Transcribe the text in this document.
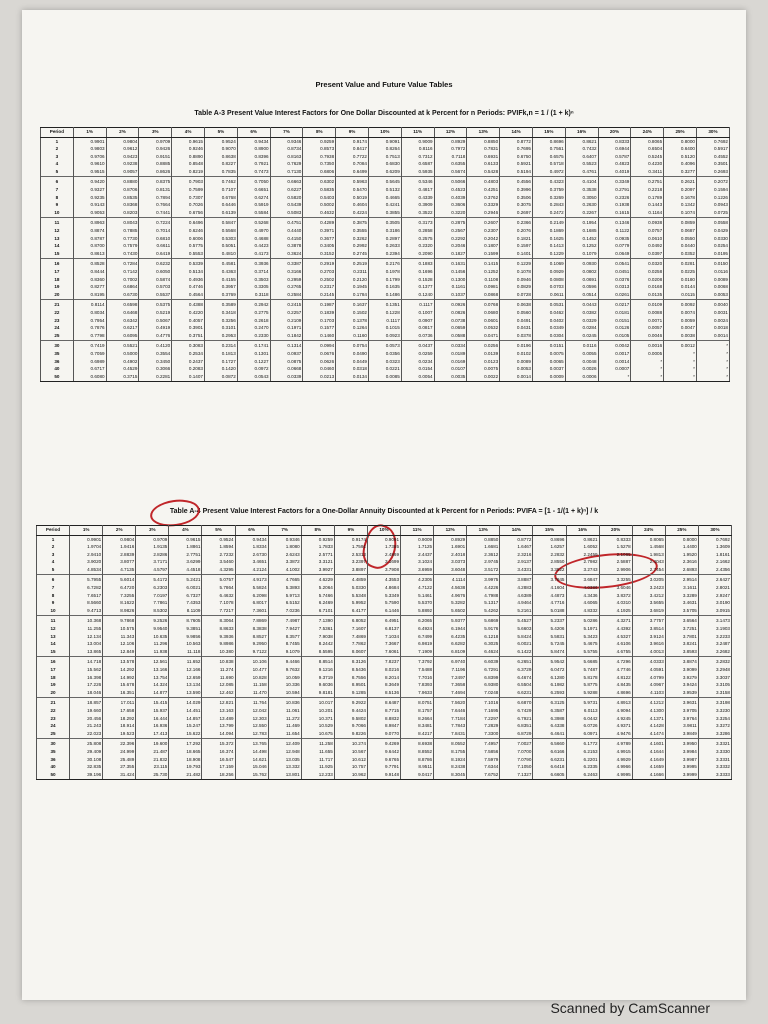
Present Value and Future Value Tables
Table A-3 Present Value Interest Factors for One Dollar Discounted at k Percent for n Periods: PVIFk,n = 1 / (1 + k)ⁿ
Period	1%	2%	3%	4%	5%	6%	7%	8%	9%	10%	11%	12%	13%	14%	15%	16%	20%	24%	25%	30%
1	0.9901	0.9804	0.9709	0.9615	0.9524	0.9434	0.9346	0.9259	0.9174	0.9091	0.9009	0.8929	0.8850	0.8772	0.8696	0.8621	0.8333	0.8065	0.8000	0.7692
2	0.9803	0.9612	0.9426	0.9246	0.9070	0.8900	0.8734	0.8573	0.8417	0.8264	0.8116	0.7972	0.7831	0.7695	0.7561	0.7432	0.6944	0.6504	0.6400	0.5917
3	0.9706	0.9423	0.9151	0.8890	0.8638	0.8396	0.8163	0.7938	0.7722	0.7513	0.7312	0.7118	0.6931	0.6750	0.6575	0.6407	0.5787	0.5245	0.5120	0.4552
4	0.9610	0.9238	0.8885	0.8548	0.8227	0.7921	0.7629	0.7350	0.7084	0.6830	0.6587	0.6355	0.6133	0.5921	0.5718	0.5523	0.4823	0.4230	0.4096	0.3501
5	0.9515	0.9057	0.8626	0.8219	0.7835	0.7473	0.7130	0.6806	0.6499	0.6209	0.5935	0.5674	0.5428	0.5194	0.4972	0.4761	0.4019	0.3411	0.3277	0.2693
6	0.9420	0.8880	0.8375	0.7903	0.7462	0.7050	0.6663	0.6302	0.5963	0.5645	0.5346	0.5066	0.4803	0.4556	0.4323	0.4104	0.3349	0.2751	0.2621	0.2072
7	0.9327	0.8706	0.8131	0.7599	0.7107	0.6651	0.6227	0.5835	0.5470	0.5132	0.4817	0.4523	0.4251	0.3996	0.3759	0.3538	0.2791	0.2218	0.2097	0.1594
8	0.9235	0.8535	0.7894	0.7307	0.6768	0.6274	0.5820	0.5403	0.5019	0.4665	0.4339	0.4039	0.3762	0.3506	0.3269	0.3050	0.2326	0.1789	0.1678	0.1226
9	0.9143	0.8368	0.7664	0.7026	0.6446	0.5919	0.5439	0.5002	0.4604	0.4241	0.3909	0.3606	0.3329	0.3075	0.2843	0.2630	0.1938	0.1443	0.1342	0.0943
10	0.9053	0.8203	0.7441	0.6756	0.6139	0.5584	0.5083	0.4632	0.4224	0.3855	0.3522	0.3220	0.2946	0.2697	0.2472	0.2267	0.1615	0.1164	0.1074	0.0725
11	0.8963	0.8043	0.7224	0.6496	0.5847	0.5268	0.4751	0.4289	0.3875	0.3505	0.3173	0.2875	0.2607	0.2366	0.2149	0.1954	0.1346	0.0938	0.0859	0.0558
12	0.8874	0.7885	0.7014	0.6246	0.5568	0.4970	0.4440	0.3971	0.3555	0.3186	0.2858	0.2567	0.2307	0.2076	0.1869	0.1685	0.1122	0.0757	0.0687	0.0429
13	0.8787	0.7730	0.6810	0.6006	0.5303	0.4688	0.4150	0.3677	0.3262	0.2897	0.2575	0.2292	0.2042	0.1821	0.1625	0.1452	0.0935	0.0610	0.0550	0.0330
14	0.8700	0.7579	0.6611	0.5775	0.5051	0.4423	0.3878	0.3405	0.2992	0.2633	0.2320	0.2046	0.1807	0.1597	0.1413	0.1252	0.0779	0.0492	0.0440	0.0254
15	0.8613	0.7430	0.6419	0.5553	0.4810	0.4173	0.3624	0.3152	0.2745	0.2394	0.2090	0.1827	0.1599	0.1401	0.1229	0.1079	0.0649	0.0397	0.0352	0.0195
16	0.8528	0.7284	0.6232	0.5339	0.4581	0.3936	0.3387	0.2919	0.2519	0.2176	0.1883	0.1631	0.1415	0.1229	0.1069	0.0930	0.0541	0.0320	0.0281	0.0150
17	0.8444	0.7142	0.6050	0.5134	0.4363	0.3714	0.3166	0.2703	0.2311	0.1978	0.1696	0.1456	0.1252	0.1078	0.0929	0.0802	0.0451	0.0258	0.0225	0.0116
18	0.8360	0.7002	0.5874	0.4936	0.4155	0.3503	0.2959	0.2502	0.2120	0.1799	0.1528	0.1300	0.1108	0.0946	0.0808	0.0691	0.0376	0.0208	0.0180	0.0089
19	0.8277	0.6864	0.5703	0.4746	0.3957	0.3305	0.2765	0.2317	0.1945	0.1635	0.1377	0.1161	0.0981	0.0829	0.0703	0.0596	0.0313	0.0168	0.0144	0.0068
20	0.8195	0.6730	0.5537	0.4564	0.3769	0.3118	0.2584	0.2145	0.1784	0.1486	0.1240	0.1037	0.0868	0.0728	0.0611	0.0514	0.0261	0.0135	0.0115	0.0053
21	0.8114	0.6598	0.5375	0.4388	0.3589	0.2942	0.2415	0.1987	0.1637	0.1351	0.1117	0.0926	0.0768	0.0638	0.0531	0.0443	0.0217	0.0109	0.0092	0.0040
22	0.8034	0.6468	0.5219	0.4220	0.3418	0.2775	0.2257	0.1839	0.1502	0.1228	0.1007	0.0826	0.0680	0.0560	0.0462	0.0382	0.0181	0.0088	0.0074	0.0031
23	0.7954	0.6342	0.5067	0.4057	0.3256	0.2618	0.2109	0.1703	0.1378	0.1117	0.0907	0.0738	0.0601	0.0491	0.0402	0.0329	0.0151	0.0071	0.0059	0.0024
24	0.7876	0.6217	0.4919	0.3901	0.3101	0.2470	0.1971	0.1577	0.1264	0.1015	0.0817	0.0659	0.0532	0.0431	0.0349	0.0284	0.0126	0.0057	0.0047	0.0018
25	0.7798	0.6095	0.4776	0.3751	0.2953	0.2330	0.1842	0.1460	0.1160	0.0923	0.0736	0.0588	0.0471	0.0378	0.0304	0.0245	0.0105	0.0046	0.0038	0.0014
30	0.7419	0.5521	0.4120	0.3083	0.2314	0.1741	0.1314	0.0994	0.0754	0.0573	0.0437	0.0334	0.0256	0.0196	0.0151	0.0116	0.0042	0.0016	0.0012	*
35	0.7059	0.5000	0.3554	0.2534	0.1813	0.1301	0.0937	0.0676	0.0490	0.0356	0.0259	0.0189	0.0139	0.0102	0.0075	0.0055	0.0017	0.0005	*	*
36	0.6989	0.4902	0.3450	0.2437	0.1727	0.1227	0.0875	0.0626	0.0449	0.0323	0.0234	0.0169	0.0123	0.0089	0.0065	0.0048	0.0014	*	*	*
40	0.6717	0.4529	0.3066	0.2083	0.1420	0.0972	0.0668	0.0460	0.0318	0.0221	0.0154	0.0107	0.0075	0.0053	0.0037	0.0026	0.0007	*	*	*
50	0.6080	0.3715	0.2281	0.1407	0.0872	0.0543	0.0339	0.0213	0.0134	0.0085	0.0054	0.0035	0.0022	0.0014	0.0009	0.0006	*	*	*	*
Table A-4 Present Value Interest Factors for a One-Dollar Annuity Discounted at k Percent for n Periods: PVIFA = [1 - 1/(1 + k)ⁿ] / k
Period	1%	2%	3%	4%	5%	6%	7%	8%	9%	10%	11%	12%	13%	14%	15%	16%	20%	24%	25%	30%
1	0.9901	0.9804	0.9709	0.9615	0.9524	0.9434	0.9346	0.9259	0.9174	0.9091	0.9009	0.8929	0.8850	0.8772	0.8696	0.8621	0.8333	0.8065	0.8000	0.7692
2	1.9704	1.9416	1.9135	1.8861	1.8594	1.8334	1.8080	1.7833	1.7591	1.7355	1.7125	1.6901	1.6681	1.6467	1.6257	1.6052	1.5278	1.4568	1.4400	1.3609
3	2.9410	2.8839	2.8286	2.7751	2.7232	2.6730	2.6243	2.5771	2.5313	2.4869	2.4437	2.4018	2.3612	2.3216	2.2832	2.2459	2.1065	1.9813	1.9520	1.8161
4	3.9020	3.8077	3.7171	3.6299	3.5460	3.4651	3.3872	3.3121	3.2397	3.1699	3.1024	3.0373	2.9745	2.9137	2.8550	2.7982	2.5887	2.4043	2.3616	2.1662
5	4.8534	4.7135	4.5797	4.4518	4.3295	4.2124	4.1002	3.9927	3.8897	3.7908	3.6959	3.6048	3.5172	3.4331	3.3522	3.2743	2.9906	2.7454	2.6893	2.4356
6	5.7955	5.6014	5.4172	5.2421	5.0757	4.9173	4.7665	4.6229	4.4859	4.3553	4.2305	4.1114	3.9975	3.8887	3.7845	3.6847	3.3255	3.0205	2.9514	2.6427
7	6.7282	6.4720	6.2303	6.0021	5.7864	5.5824	5.3893	5.2064	5.0330	4.8684	4.7122	4.5638	4.4226	4.2883	4.1604	4.0386	3.6046	3.2423	3.1611	2.8021
8	7.6517	7.3255	7.0197	6.7327	6.4632	6.2098	5.9713	5.7466	5.5348	5.3349	5.1461	4.9676	4.7988	4.6389	4.4873	4.3436	3.8372	3.4212	3.3289	2.9247
9	8.5660	8.1622	7.7861	7.4353	7.1078	6.8017	6.5152	6.2469	5.9952	5.7590	5.5370	5.3282	5.1317	4.9464	4.7716	4.6065	4.0310	3.5655	3.4631	3.0190
10	9.4713	8.9826	8.5302	8.1109	7.7217	7.3601	7.0236	6.7101	6.4177	6.1446	5.8892	5.6502	5.4262	5.2161	5.0188	4.8332	4.1925	3.6819	3.5705	3.0915
11	10.368	9.7868	9.2526	8.7605	8.3064	7.8869	7.4987	7.1390	6.8052	6.4951	6.2065	5.9377	5.6869	5.4527	5.2337	5.0286	4.3271	3.7757	3.6564	3.1473
12	11.255	10.575	9.9540	9.3851	8.8633	8.3838	7.9427	7.5361	7.1607	6.8137	6.4924	6.1944	5.9176	5.6603	5.4206	5.1971	4.4392	3.8514	3.7251	3.1903
13	12.134	11.343	10.635	9.9856	9.3936	8.8527	8.3577	7.9038	7.4869	7.1034	6.7499	6.4235	6.1218	5.8424	5.5831	5.3423	4.5327	3.9124	3.7801	3.2233
14	13.004	12.106	11.296	10.563	9.8986	9.2950	8.7455	8.2442	7.7862	7.3667	6.9819	6.6282	6.3025	6.0021	5.7245	5.4675	4.6106	3.9616	3.8241	3.2487
15	13.865	12.849	11.938	11.118	10.380	9.7122	9.1079	8.5595	8.0607	7.6061	7.1909	6.8109	6.4624	6.1422	5.8474	5.5755	4.6755	4.0013	3.8593	3.2682
16	14.718	13.578	12.561	11.652	10.838	10.106	9.4466	8.8514	8.3126	7.8237	7.3792	6.9740	6.6039	6.2651	5.9542	5.6685	4.7296	4.0333	3.8874	3.2832
17	15.562	14.292	13.166	12.166	11.274	10.477	9.7632	9.1216	8.5436	8.0216	7.5488	7.1196	6.7291	6.3729	6.0472	5.7487	4.7746	4.0591	3.9099	3.2948
18	16.398	14.992	13.754	12.659	11.690	10.828	10.059	9.3719	8.7556	8.2014	7.7016	7.2497	6.8399	6.4674	6.1280	5.8178	4.8122	4.0799	3.9279	3.3037
19	17.226	15.678	14.324	13.134	12.085	11.158	10.336	9.6036	8.9501	8.3649	7.8393	7.3658	6.9380	6.5504	6.1982	5.8775	4.8435	4.0967	3.9424	3.3105
20	18.046	16.351	14.877	13.590	12.462	11.470	10.594	9.8181	9.1285	8.5136	7.9633	7.4694	7.0248	6.6231	6.2593	5.9288	4.8696	4.1103	3.9539	3.3158
21	18.857	17.011	15.415	14.029	12.821	11.764	10.836	10.017	9.2922	8.6487	8.0751	7.5620	7.1016	6.6870	6.3125	5.9731	4.8913	4.1212	3.9631	3.3198
22	19.660	17.658	15.937	14.451	13.163	12.042	11.061	10.201	9.4424	8.7715	8.1757	7.6446	7.1695	6.7429	6.3587	6.0113	4.9094	4.1300	3.9705	3.3230
23	20.456	18.292	16.444	14.857	13.489	12.303	11.272	10.371	9.5802	8.8832	8.2664	7.7184	7.2297	6.7921	6.3988	6.0442	4.9245	4.1371	3.9764	3.3254
24	21.243	18.914	16.936	15.247	13.799	12.550	11.469	10.529	9.7066	8.9847	8.3481	7.7843	7.2829	6.8351	6.4338	6.0726	4.9371	4.1428	3.9811	3.3272
25	22.023	19.523	17.413	15.622	14.094	12.783	11.654	10.675	9.8226	9.0770	8.4217	7.8431	7.3300	6.8729	6.4641	6.0971	4.9476	4.1474	3.9849	3.3286
30	25.808	22.396	19.600	17.292	15.372	13.765	12.409	11.258	10.274	9.4269	8.6938	8.0552	7.4957	7.0027	6.5660	6.1772	4.9789	4.1601	3.9950	3.3321
35	29.409	24.999	21.487	18.665	16.374	14.498	12.948	11.655	10.567	9.6442	8.8552	8.1755	7.5856	7.0700	6.6166	6.2153	4.9915	4.1644	3.9984	3.3330
36	30.108	25.489	21.832	18.908	16.547	14.621	13.035	11.717	10.612	9.6765	8.8786	8.1924	7.5979	7.0790	6.6231	6.2201	4.9929	4.1649	3.9987	3.3331
40	32.835	27.355	23.115	19.793	17.159	15.046	13.332	11.925	10.757	9.7791	8.9511	8.2438	7.6344	7.1050	6.6418	6.2335	4.9966	4.1659	3.9995	3.3332
50	39.196	31.424	25.730	21.482	18.256	15.762	13.801	12.233	10.962	9.9148	9.0417	8.3045	7.6752	7.1327	6.6605	6.2463	4.9995	4.1666	3.9999	3.3333
Scanned by CamScanner
